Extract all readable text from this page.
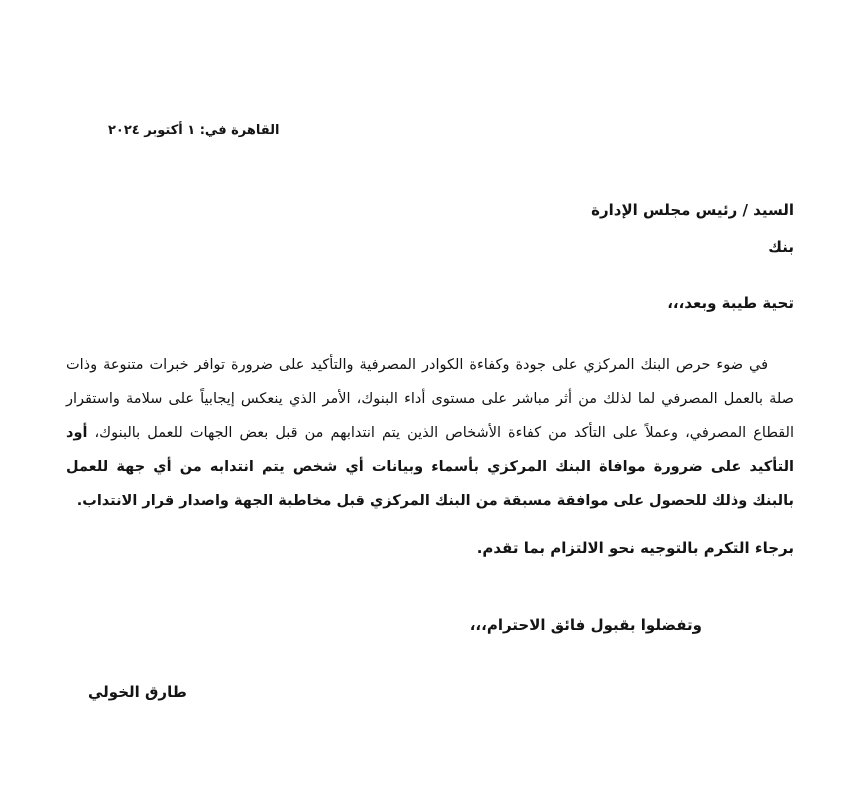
القاهرة في: ١ أكتوبر ٢٠٢٤
السيد / رئيس مجلس الإدارة
بنك
تحية طيبة وبعد،،،

في ضوء حرص البنك المركزي على جودة وكفاءة الكوادر المصرفية والتأكيد على ضرورة توافر خبرات متنوعة وذات صلة بالعمل المصرفي لما لذلك من أثر مباشر على مستوى أداء البنوك، الأمر الذي ينعكس إيجابياً على سلامة واستقرار القطاع المصرفي، وعملاً على التأكد من كفاءة الأشخاص الذين يتم انتدابهم من قبل بعض الجهات للعمل بالبنوك، أود التأكيد على ضرورة موافاة البنك المركزي بأسماء وبيانات أي شخص يتم انتدابه من أي جهة للعمل بالبنك وذلك للحصول على موافقة مسبقة من البنك المركزي قبل مخاطبة الجهة واصدار قرار الانتداب.

برجاء التكرم بالتوجيه نحو الالتزام بما تقدم.
وتفضلوا بقبول فائق الاحترام،،،
طارق الخولي
